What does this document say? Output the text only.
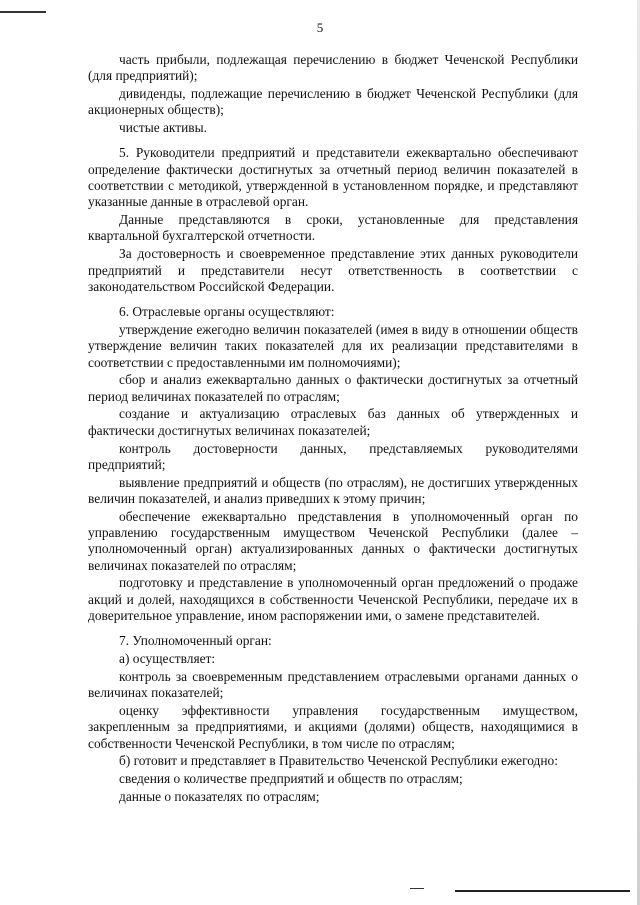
5

часть прибыли, подлежащая перечислению в бюджет Чеченской Республики (для предприятий);

дивиденды, подлежащие перечислению в бюджет Чеченской Республики (для акционерных обществ);

чистые активы.

5. Руководители предприятий и представители ежеквартально обеспечивают определение фактически достигнутых за отчетный период величин показателей в соответствии с методикой, утвержденной в установленном порядке, и представляют указанные данные в отраслевой орган.

Данные представляются в сроки, установленные для представления квартальной бухгалтерской отчетности.

За достоверность и своевременное представление этих данных руководители предприятий и представители несут ответственность в соответствии с законодательством Российской Федерации.

6. Отраслевые органы осуществляют:

утверждение ежегодно величин показателей (имея в виду в отношении обществ утверждение величин таких показателей для их реализации представителями в соответствии с предоставленными им полномочиями);

сбор и анализ ежеквартально данных о фактически достигнутых за отчетный период величинах показателей по отраслям;

создание и актуализацию отраслевых баз данных об утвержденных и фактически достигнутых величинах показателей;

контроль достоверности данных, представляемых руководителями предприятий;

выявление предприятий и обществ (по отраслям), не достигших утвержденных величин показателей, и анализ приведших к этому причин;

обеспечение ежеквартально представления в уполномоченный орган по управлению государственным имуществом Чеченской Республики (далее – уполномоченный орган) актуализированных данных о фактически достигнутых величинах показателей по отраслям;

подготовку и представление в уполномоченный орган предложений о продаже акций и долей, находящихся в собственности Чеченской Республики, передаче их в доверительное управление, ином распоряжении ими, о замене представителей.

7. Уполномоченный орган:

а) осуществляет:

контроль за своевременным представлением отраслевыми органами данных о величинах показателей;

оценку эффективности управления государственным имуществом, закрепленным за предприятиями, и акциями (долями) обществ, находящимися в собственности Чеченской Республики, в том числе по отраслям;

б) готовит и представляет в Правительство Чеченской Республики ежегодно:

сведения о количестве предприятий и обществ по отраслям;

данные о показателях по отраслям;
